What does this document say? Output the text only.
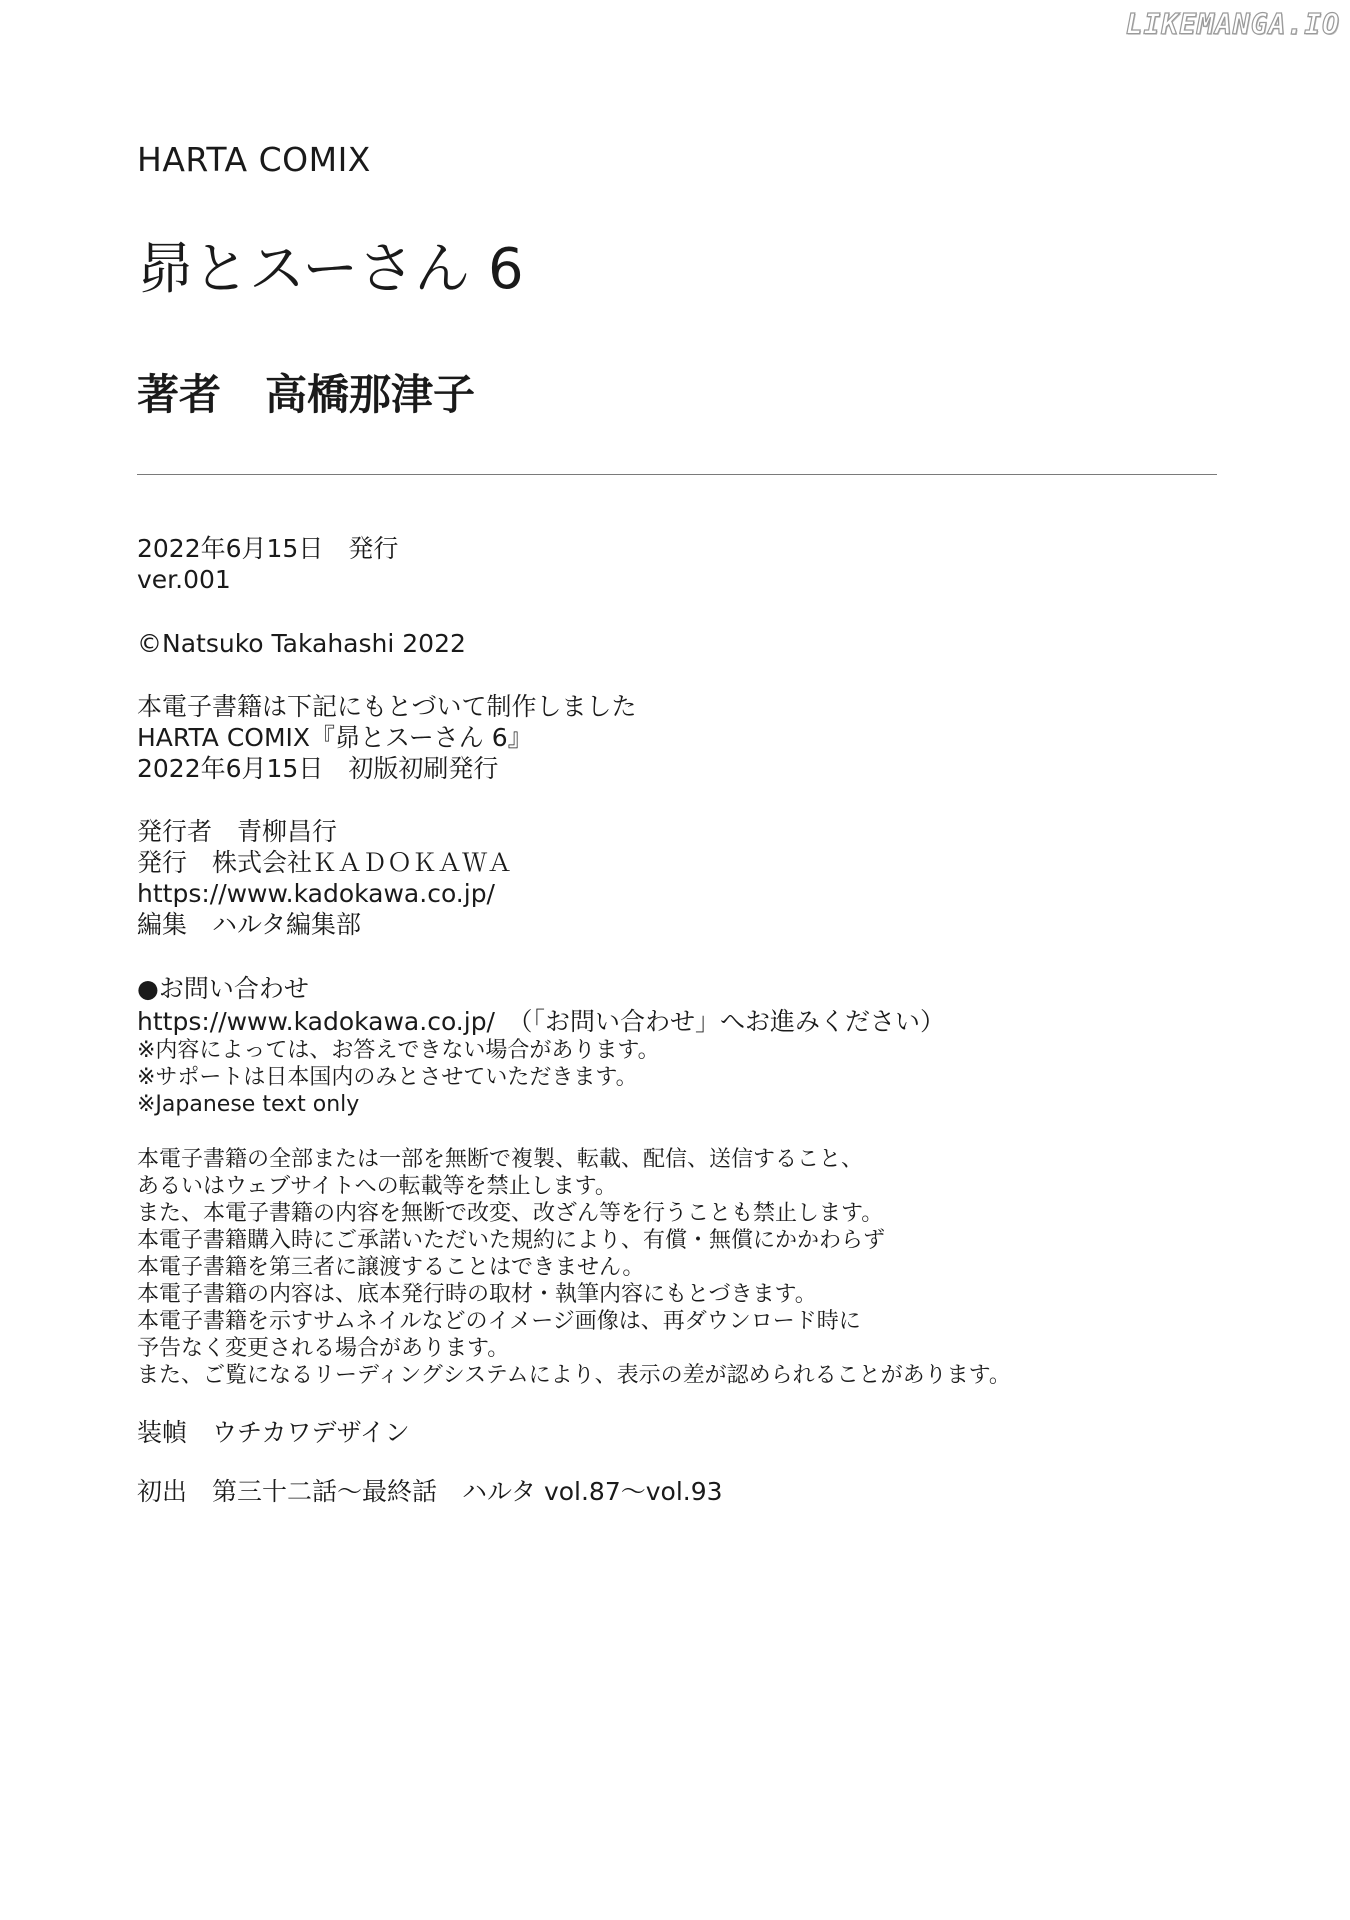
LIKEMANGA.IO
HARTA COMIX
昴とスーさん 6
著者 高橋那津子
2022年6月15日　発行
ver.001
©Natsuko Takahashi 2022
本電子書籍は下記にもとづいて制作しました
HARTA COMIX『昴とスーさん 6』
2022年6月15日　初版初刷発行
発行者　青柳昌行
発行　株式会社ＫＡＤＯＫＡＷＡ
https://www.kadokawa.co.jp/
編集　ハルタ編集部
●お問い合わせ
https://www.kadokawa.co.jp/　（「お問い合わせ」へお進みください）
※内容によっては、お答えできない場合があります。
※サポートは日本国内のみとさせていただきます。
※Japanese text only
本電子書籍の全部または一部を無断で複製、転載、配信、送信すること、
あるいはウェブサイトへの転載等を禁止します。
また、本電子書籍の内容を無断で改変、改ざん等を行うことも禁止します。
本電子書籍購入時にご承諾いただいた規約により、有償・無償にかかわらず
本電子書籍を第三者に譲渡することはできません。
本電子書籍の内容は、底本発行時の取材・執筆内容にもとづきます。
本電子書籍を示すサムネイルなどのイメージ画像は、再ダウンロード時に
予告なく変更される場合があります。
また、ご覧になるリーディングシステムにより、表示の差が認められることがあります。
装幀　ウチカワデザイン
初出　第三十二話～最終話　ハルタ vol.87～vol.93
